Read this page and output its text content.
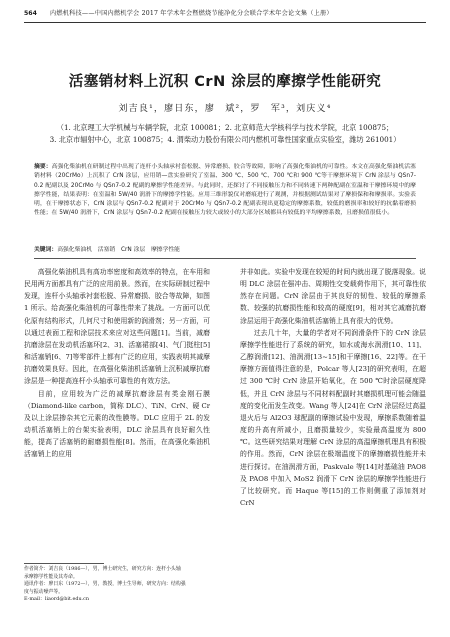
564 内燃机科技——中国内燃机学会 2017 年学术年会暨燃烧节能净化分会联合学术年会论文集（上册）
活塞销材料上沉积 CrN 涂层的摩擦学性能研究
刘吉良¹，廖日东，廖　斌²，罗　军³，刘庆义⁴
（1. 北京理工大学机械与车辆学院，北京 100081；2. 北京师范大学核科学与技术学院，北京 100875；
3. 北京市辐射中心，北京 100875；4. 渭柴动力股份有限公司内燃机可靠性国家重点实验室，潍坊 261001）
摘要：高强化柴油机在研制过程中出现了连杆小头轴承衬套松脱、异常磨损、胶合等故障，影响了高强化柴油机的可靠性。本文在高强化柴油机活塞销材料（20CrMo）上沉积了 CrN 涂层，应用销—盘实验研究了室温、300 ℃、500 ℃、700 ℃和 900 ℃等干摩擦环境下 CrN 涂层与 QSn7-0.2 配副以及 20CrMo 与 QSn7-0.2 配副的摩擦学性能差异。与此同时，还探讨了不同接触压力和不同转速下两种配副在室温和干摩擦环境中的摩擦学性能，结果表明：在室温和 5W/40 润滑下的摩擦学性能。应用三维形貌仪对磨痕进行了观测，并根据测试结果对了摩损保和和摩损率。实验表明，在干摩擦状态下，CrN 涂层与 QSn7-0.2 配副对于 20CrMo 与 QSn7-0.2 配副表现出更稳定的摩擦系数，较低的磨损率和较好的抗黏着磨损性能；在 5W/40 润滑下，CrN 涂层与 QSn7-0.2 配副在接触压力较大或较小的大部分区域都具有较低的平均摩擦系数，且磨损值很低小。
关键词：高强化柴油机　活塞销　CrN 涂层　摩擦学性能

高强化柴油机具有高功率密度和高效率的特点，在车用和民用两方面都具有广泛的应用前景。然而，在实际研制过程中发现，连杆小头轴承衬套松脱、异常磨损、胶合等故障，如图 1 所示。给高强化柴油机的可靠性带来了挑战。一方面可以优化原有结构形式，几何尺寸和使用新的润滑剂；另一方面，可以通过表面工程和涂层技术来应对这些问题[1]。当前，减磨抗磨涂层在发动机活塞环[2、3]、活塞裙部[4]、气门挺柱[5]和活塞销[6、7]等零部件上都有广泛的应用，实践表明其减摩抗磨效果良好。因此，在高强化柴油机活塞销上沉积减摩抗磨涂层是一种提高连杆小头轴承可靠性的有效方法。

目前，应用较为广泛的减摩抗磨涂层有类金刚石膜（Diamond-like carbon，简称 DLC）、TiN、CrN、硬 Cr 及以上涂层掺杂其它元素的改性膜等。DLC 应用于 2L 的发动机活塞销上的台架实验表明，DLC 涂层具有良好耐久性能，提高了活塞销的耐磨损性能[8]。然而，在高强化柴油机活塞销上的应用

并非如此。实验中发现在较短的时间内就出现了脱落现象。说明 DLC 涂层在强冲击、周期性交变载荷作用下，其可靠性依然存在问题。CrN 涂层由于其良好的韧性、较低的摩擦系数、较强的抗磨损性能和较高的硬度[9]，相对其它减磨抗磨涂层运用于高强化柴油机活塞销上具有很大的优势。

过去几十年，大量的学者对不同润滑条件下的 CrN 涂层摩擦学性能进行了系统的研究，如水或海水润滑[10、11]、乙醇润滑[12]、油润滑[13~15]和干摩擦[16、22]等。在干摩擦方面值得注意的是，Polcar 等人[23]的研究表明，在超过 300 ℃时 CrN 涂层开始氧化，在 500 ℃时涂层硬度降低，并且 CrN 涂层与不同材料配副时其磨损机理可能会随温度的变化而发生改变。Wang 等人[24]在 CrN 涂层经过高温退火后与 Al2O3 球配副的摩擦试验中发现，摩擦系数随着温度的升高有所减小，且磨损量较少，实验最高温度为 800 ℃。这些研究结果对理解 CrN 涂层的高温摩擦机理具有积极的作用。然而，CrN 涂层在极端温度下的摩擦磨损性能并未进行探讨。在油润滑方面，Paskvale 等[14]对基础油 PAO8 及 PAO8 中加入 MoS2 润滑下 CrN 涂层的摩擦学性能进行了比较研究。而 Haque 等[15]的工作则侧重了添加剂对 CrN

作者简介：刘吉良（1986—），男，博士研究生，研究方向：连杆小头轴
承摩擦学性能及其寿命。
通讯作者：廖日东（1972—），男，教授，博士生导师，研究方向：结构强
度与振动噪声等。
E-mail：liaord@bit.edu.cn
